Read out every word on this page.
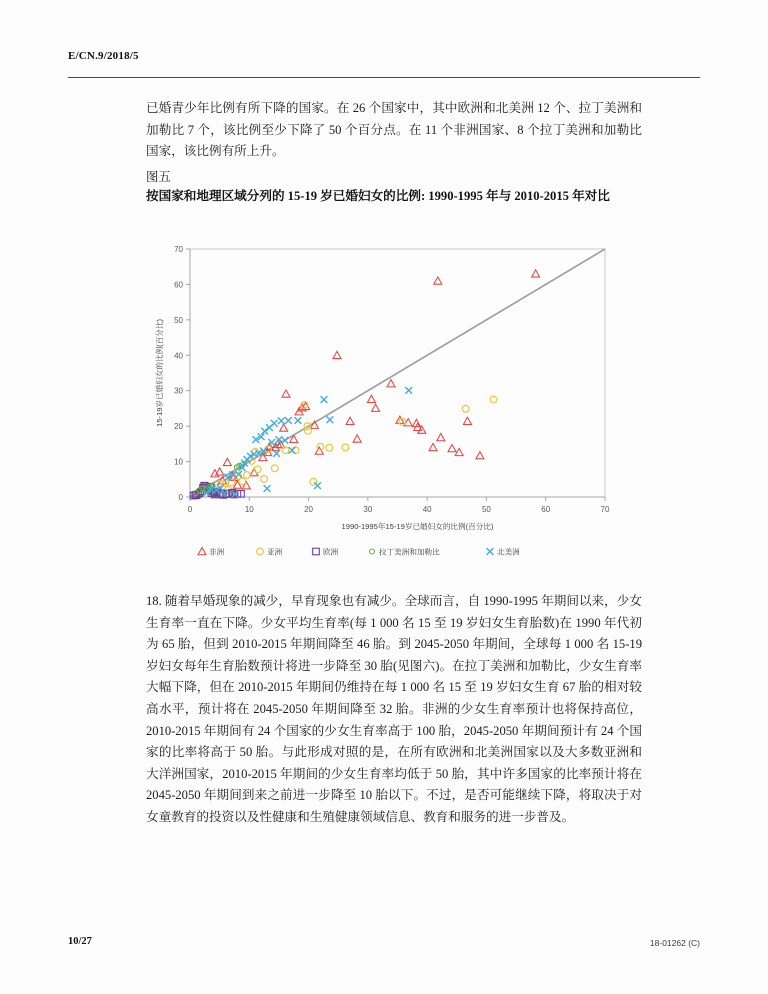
E/CN.9/2018/5

已婚青少年比例有所下降的国家。在 26 个国家中，其中欧洲和北美洲 12 个、拉丁美洲和加勒比 7 个，该比例至少下降了 50 个百分点。在 11 个非洲国家、8 个拉丁美洲和加勒比国家，该比例有所上升。

图五
按国家和地理区域分列的 15-19 岁已婚妇女的比例: 1990-1995 年与 2010-2015 年对比
0
10
20
30
40
50
60
70
0	10	20	30	40	50	60	70
1990-1995年15-19岁已婚妇女的比例(百分比)
15-19岁已婚妇女的比例(百分比)
非洲	亚洲	欧洲	拉丁美洲和加勒比	北美洲

18. 随着早婚现象的减少，早育现象也有减少。全球而言，自 1990-1995 年期间以来，少女生育率一直在下降。少女平均生育率(每 1 000 名 15 至 19 岁妇女生育胎数)在 1990 年代初为 65 胎，但到 2010-2015 年期间降至 46 胎。到 2045-2050 年期间，全球每 1 000 名 15-19 岁妇女每年生育胎数预计将进一步降至 30 胎(见图六)。在拉丁美洲和加勒比，少女生育率大幅下降，但在 2010-2015 年期间仍维持在每 1 000 名 15 至 19 岁妇女生育 67 胎的相对较高水平，预计将在 2045-2050 年期间降至 32 胎。非洲的少女生育率预计也将保持高位，2010-2015 年期间有 24 个国家的少女生育率高于 100 胎，2045-2050 年期间预计有 24 个国家的比率将高于 50 胎。与此形成对照的是，在所有欧洲和北美洲国家以及大多数亚洲和大洋洲国家，2010-2015 年期间的少女生育率均低于 50 胎，其中许多国家的比率预计将在 2045-2050 年期间到来之前进一步降至 10 胎以下。不过，是否可能继续下降，将取决于对女童教育的投资以及性健康和生殖健康领域信息、教育和服务的进一步普及。

10/27	18-01262 (C)
